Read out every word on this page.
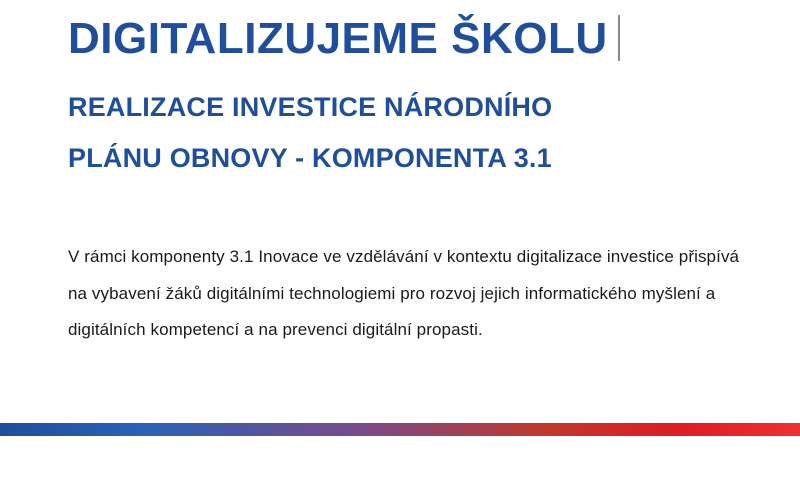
DIGITALIZUJEME ŠKOLU
REALIZACE INVESTICE NÁRODNÍHO
PLÁNU OBNOVY - KOMPONENTA 3.1

V rámci komponenty 3.1 Inovace ve vzdělávání v kontextu digitalizace investice přispívá na vybavení žáků digitálními technologiemi pro rozvoj jejich informatického myšlení a digitálních kompetencí a na prevenci digitální propasti.
